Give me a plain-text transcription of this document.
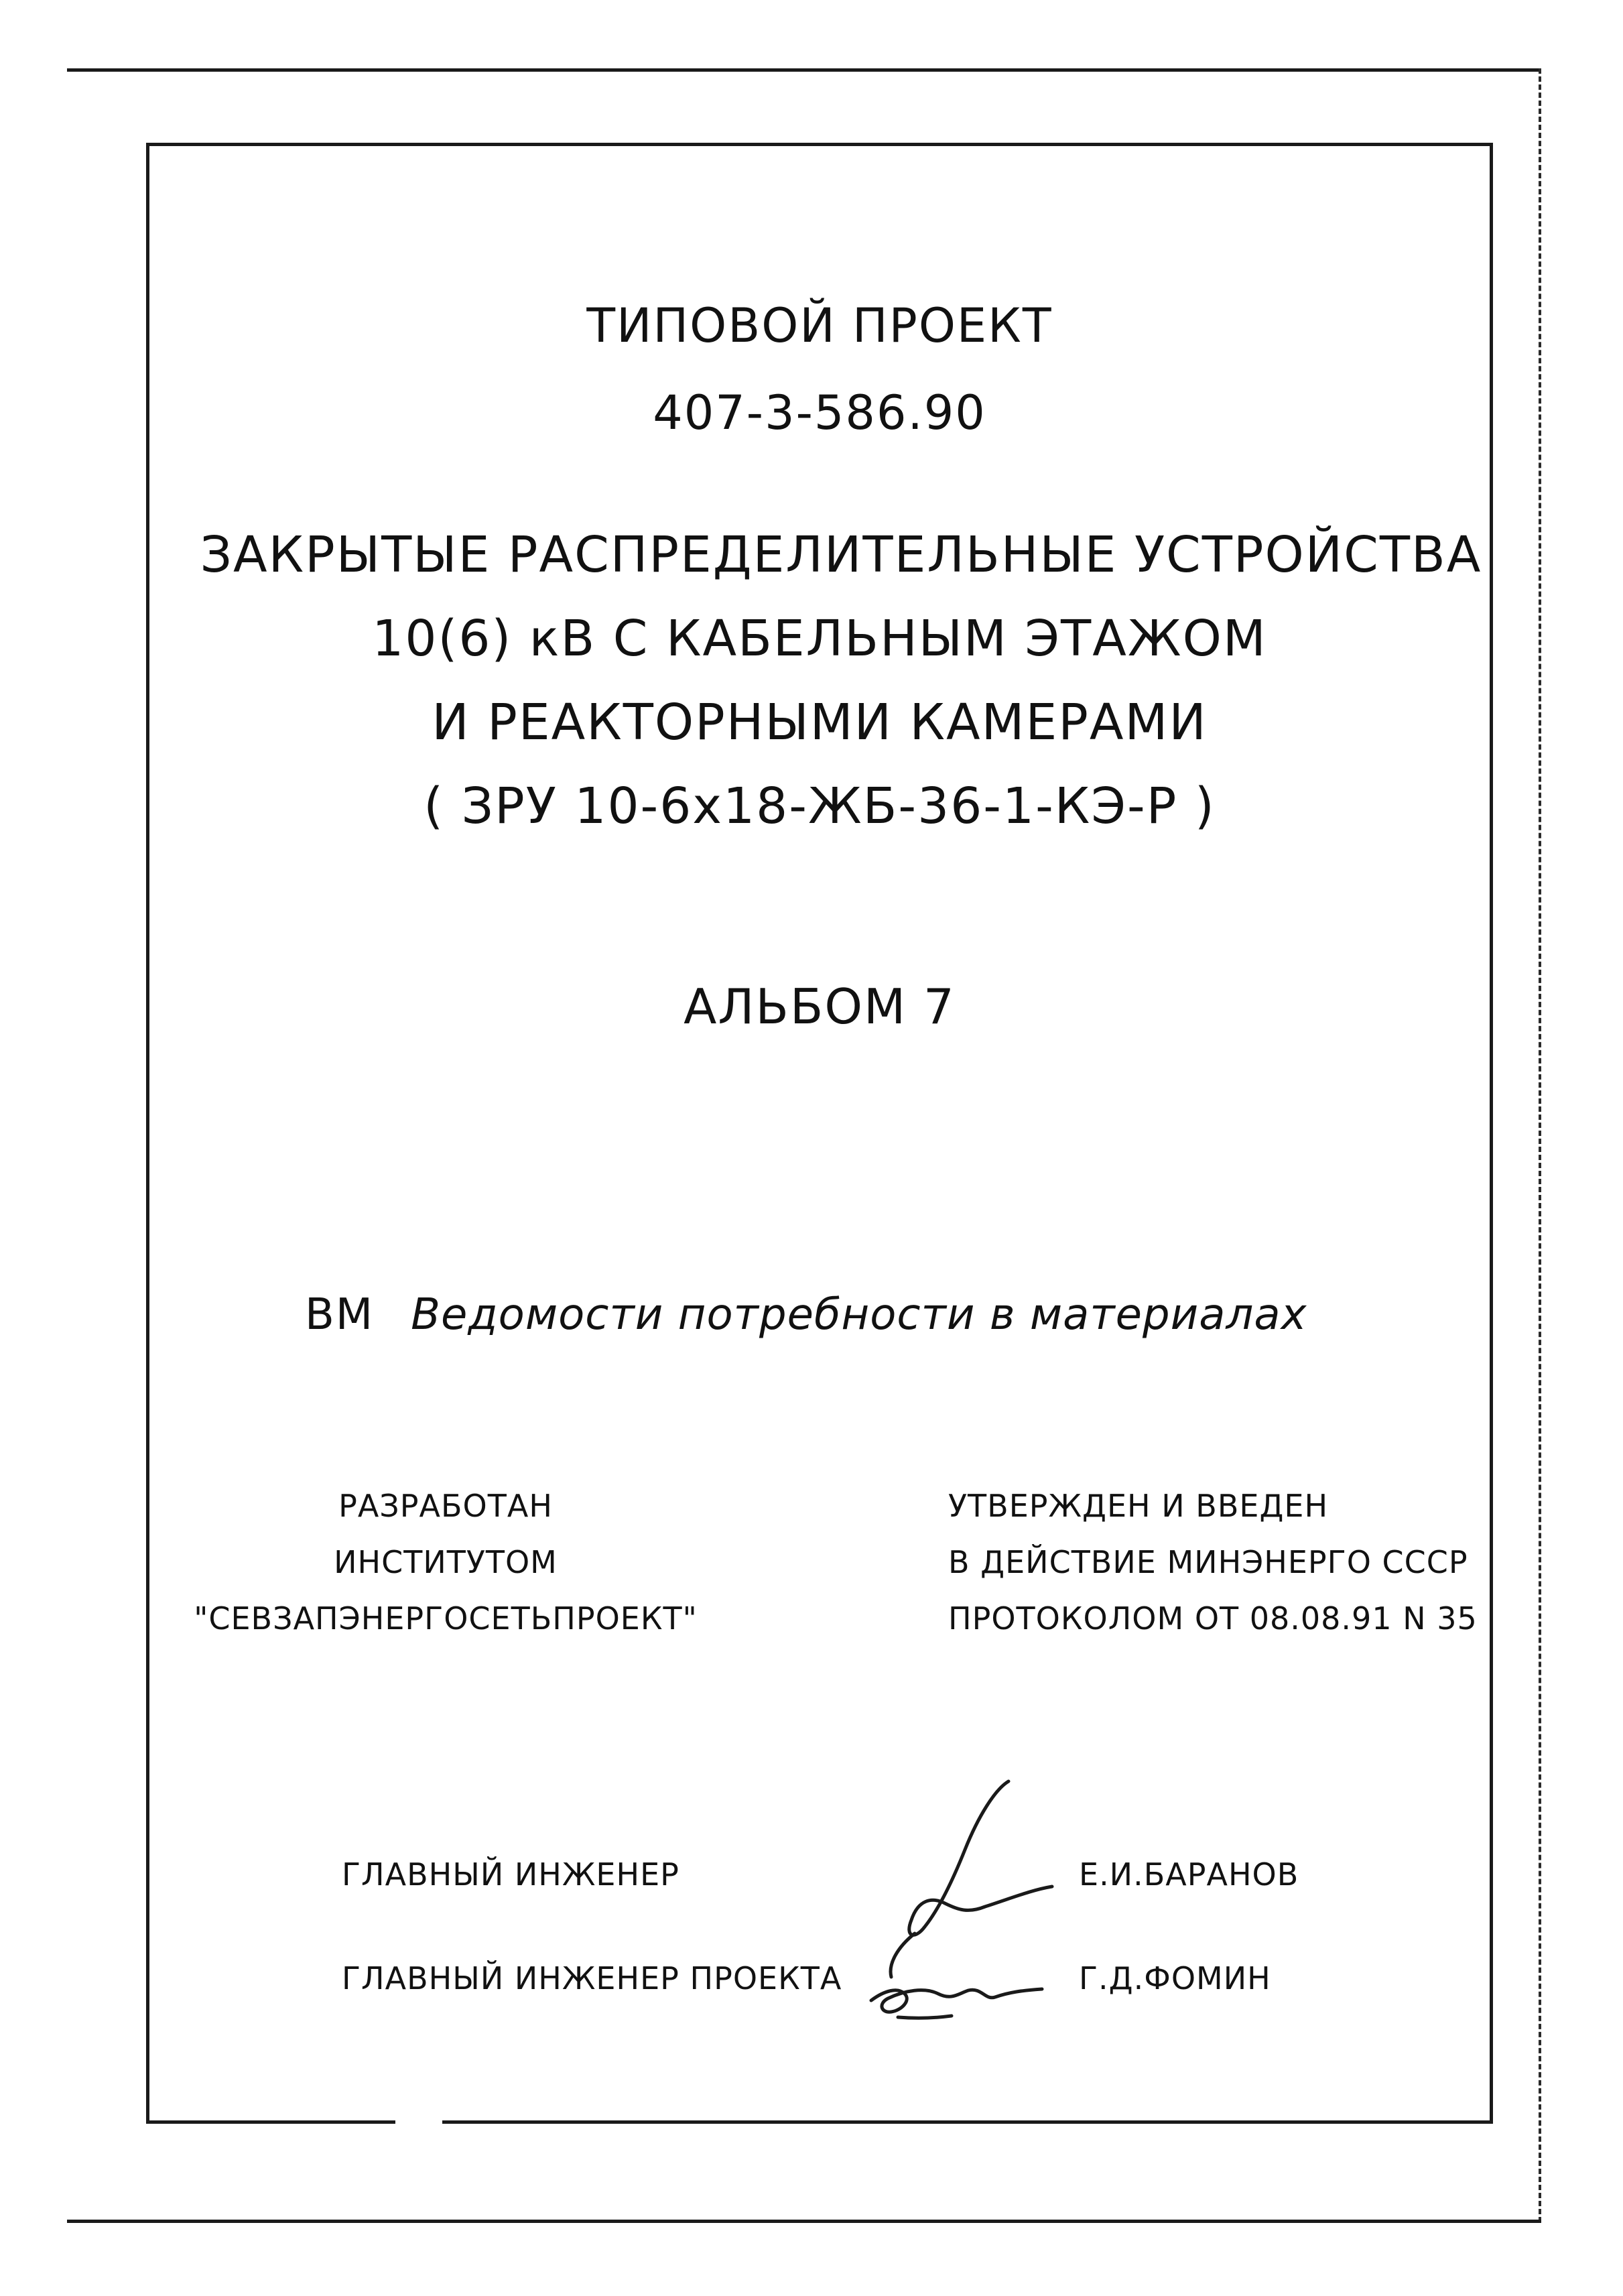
ТИПОВОЙ ПРОЕКТ
407-3-586.90
ЗАКРЫТЫЕ РАСПРЕДЕЛИТЕЛЬНЫЕ УСТРОЙСТВА
10(6) кВ С КАБЕЛЬНЫМ ЭТАЖОМ
И РЕАКТОРНЫМИ КАМЕРАМИ
( ЗРУ 10-6х18-ЖБ-36-1-КЭ-Р )
АЛЬБОМ 7
ВМ Ведомости потребности в материалах
РАЗРАБОТАН
ИНСТИТУТОМ
"СЕВЗАПЭНЕРГОСЕТЬПРОЕКТ"
УТВЕРЖДЕН И ВВЕДЕН
В ДЕЙСТВИЕ МИНЭНЕРГО СССР
ПРОТОКОЛОМ ОТ 08.08.91 N 35
ГЛАВНЫЙ ИНЖЕНЕР	Е.И.БАРАНОВ
ГЛАВНЫЙ ИНЖЕНЕР ПРОЕКТА	Г.Д.ФОМИН
